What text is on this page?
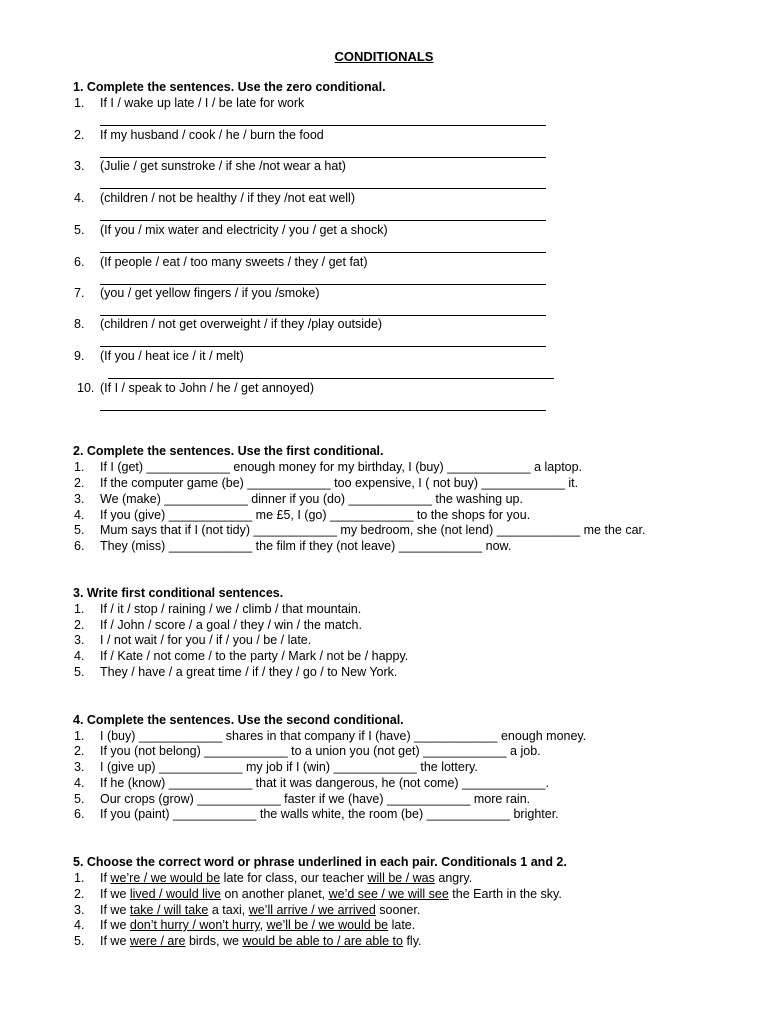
CONDITIONALS
1. Complete the sentences. Use the zero conditional.
1. If I / wake up late / I / be late for work
2. If my husband / cook / he / burn the food
3. (Julie / get sunstroke / if she /not wear a hat)
4. (children / not be healthy / if they /not eat well)
5. (If you / mix water and electricity / you / get a shock)
6. (If people / eat / too many sweets / they / get fat)
7. (you / get yellow fingers / if you /smoke)
8. (children / not get overweight / if they /play outside)
9. (If you / heat ice / it / melt)
10. (If I / speak to John / he / get annoyed)
2. Complete the sentences. Use the first conditional.
1. If I (get) ____________ enough money for my birthday, I (buy) ____________ a laptop.
2. If the computer game (be) ____________ too expensive, I ( not buy) ____________ it.
3. We (make) ____________ dinner if you (do) ____________ the washing up.
4. If you (give) ____________ me £5, I (go) ____________ to the shops for you.
5. Mum says that if I (not tidy) ____________ my bedroom, she (not lend) ____________ me the car.
6. They (miss) ____________ the film if they (not leave) ____________ now.
3. Write first conditional sentences.
1. If / it / stop / raining / we / climb / that mountain.
2. If / John / score / a goal / they / win / the match.
3. I / not wait / for you / if / you / be / late.
4. If / Kate / not come / to the party / Mark / not be / happy.
5. They / have / a great time / if / they / go / to New York.
4. Complete the sentences. Use the second conditional.
1. I (buy) ____________ shares in that company if I (have) ____________ enough money.
2. If you (not belong) ____________ to a union you (not get) ____________ a job.
3. I (give up) ____________ my job if I (win) ____________ the lottery.
4. If he (know) ____________ that it was dangerous, he (not come) ____________.
5. Our crops (grow) ____________ faster if we (have) ____________ more rain.
6. If you (paint) ____________ the walls white, the room (be) ____________ brighter.
5. Choose the correct word or phrase underlined in each pair. Conditionals 1 and 2.
1. If we’re / we would be late for class, our teacher will be / was angry.
2. If we lived / would live on another planet, we’d see / we will see the Earth in the sky.
3. If we take / will take a taxi, we’ll arrive / we arrived sooner.
4. If we don’t hurry / won’t hurry, we’ll be / we would be late.
5. If we were / are birds, we would be able to / are able to fly.
